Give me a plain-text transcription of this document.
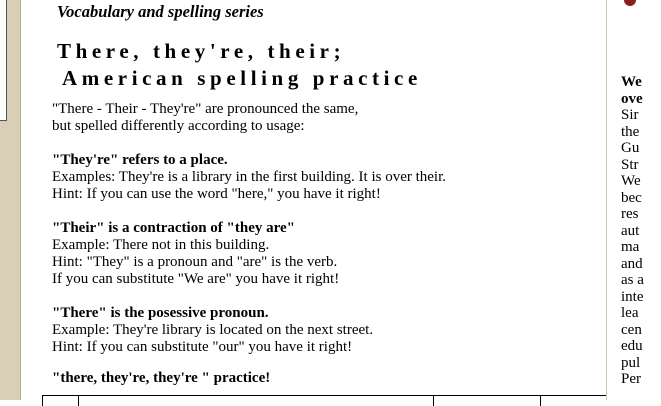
Vocabulary and spelling series
There, they're, their;
American spelling practice

"There - Their - They're" are pronounced the same,
but spelled differently according to usage:

"They're" refers to a place.
Examples: They're is a library in the first building. It is over their.
Hint: If you can use the word "here," you have it right!

"Their" is a contraction of "they are"
Example: There not in this building.
Hint: "They" is a pronoun and "are" is the verb.
If you can substitute "We are" you have it right!

"There" is the posessive pronoun.
Example: They're library is located on the next street.
Hint: If you can substitute "our" you have it right!

"there, they're, they're " practice!
We
ove
Sir
the
Gu
Str
We
bec
res
aut
ma
and
as a
inte
lea
cen
edu
pul
Per
